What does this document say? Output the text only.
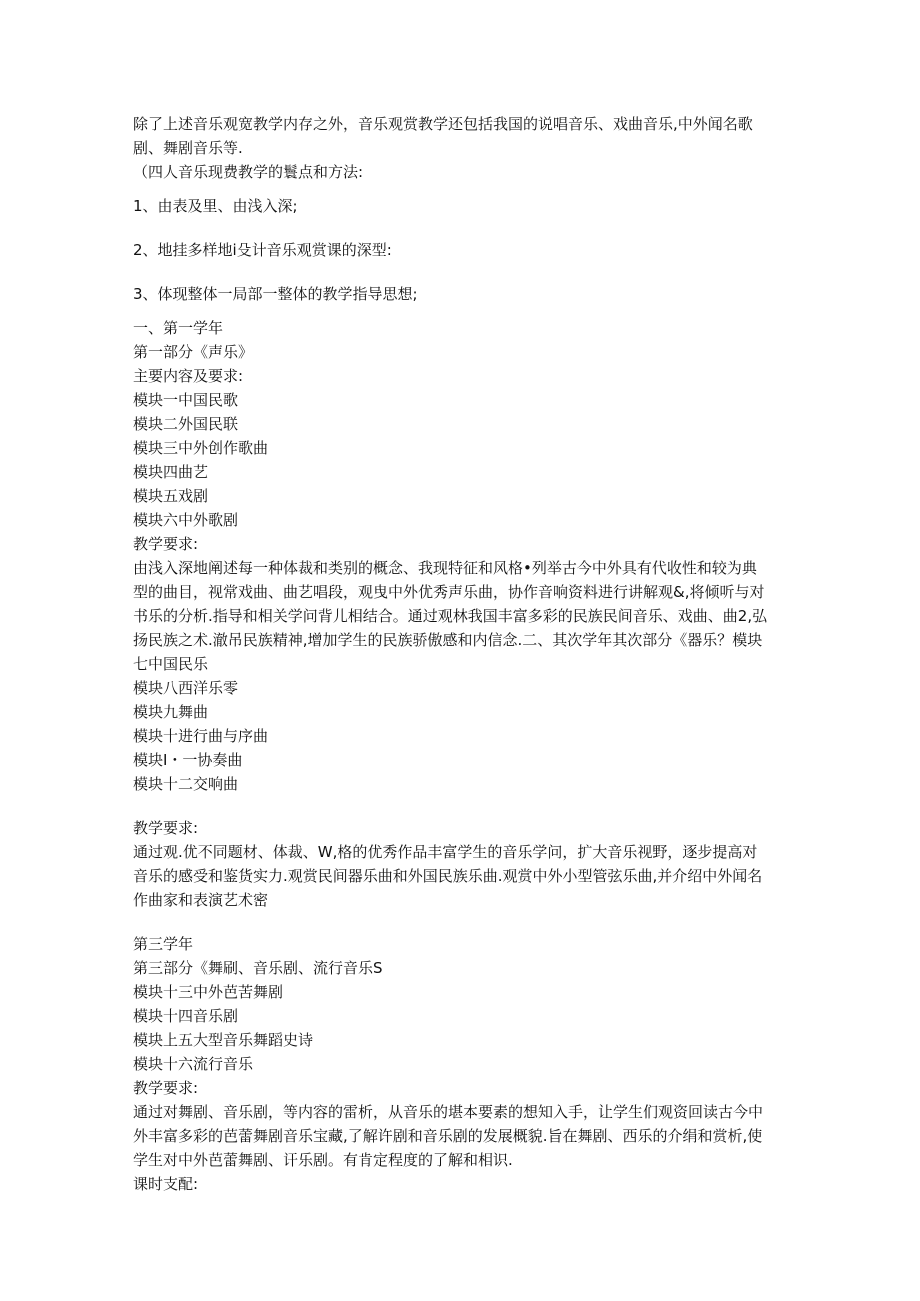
除了上述音乐观宽教学内存之外，音乐观赏教学还包括我国的说唱音乐、戏曲音乐,中外闻名歌

剧、舞剧音乐等.

（四人音乐现费教学的鬟点和方法:

1、由表及里、由浅入深;

2、地挂多样地i殳计音乐观赏课的深型:

3、体现整体一局部一整体的教学指导思想;

一、第一学年

第一部分《声乐》

主要内容及要求:

模块一中国民歌

模块二外国民联

模块三中外创作歌曲

模块四曲艺

模块五戏剧

模块六中外歌剧

教学要求:

由浅入深地阐述每一种体裁和类别的概念、我现特征和风格•列举古今中外具有代收性和较为典

型的曲目，视常戏曲、曲艺唱段，观曳中外优秀声乐曲，协作音响资料进行讲解观&,将倾听与对

书乐的分析.指导和相关学问背儿相结合。通过观林我国丰富多彩的民族民间音乐、戏曲、曲2,弘

扬民族之术.澈吊民族精神,增加学生的民族骄傲感和内信念.二、其次学年其次部分《器乐？模块

七中国民乐

模块八西洋乐零

模块九舞曲

模块十进行曲与序曲

模块I・一协奏曲

模块十二交响曲

教学要求:

通过观.优不同题材、体裁、W,格的优秀作品丰富学生的音乐学问，扩大音乐视野，逐步提高对

音乐的感受和鉴货实力.观赏民间器乐曲和外国民族乐曲.观赏中外小型管弦乐曲,并介绍中外闻名

作曲家和表演艺术密

第三学年

第三部分《舞刷、音乐剧、流行音乐S

模块十三中外芭苦舞剧

模块十四音乐剧

模块上五大型音乐舞蹈史诗

模块十六流行音乐

教学要求:

通过对舞剧、音乐剧，等内容的雷析，从音乐的堪本要素的想知入手，让学生们观资回读古今中

外丰富多彩的芭蕾舞剧音乐宝藏,了解许剧和音乐剧的发展概貌.旨在舞剧、西乐的介绢和赏析,使

学生对中外芭蕾舞剧、讦乐剧。有肯定程度的了解和相识.

课时支配:
